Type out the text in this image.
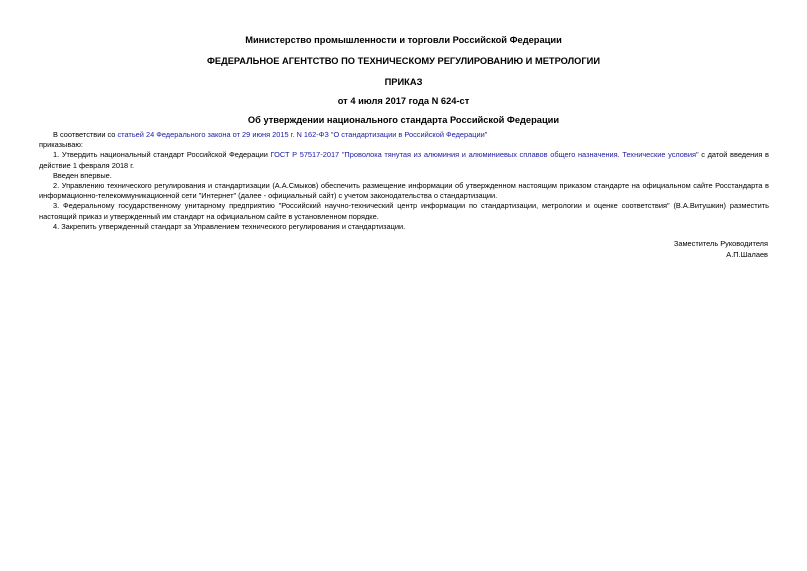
Министерство промышленности и торговли Российской Федерации
ФЕДЕРАЛЬНОЕ АГЕНТСТВО ПО ТЕХНИЧЕСКОМУ РЕГУЛИРОВАНИЮ И МЕТРОЛОГИИ
ПРИКАЗ
от 4 июля 2017 года N 624-ст
Об утверждении национального стандарта Российской Федерации

В соответствии со статьей 24 Федерального закона от 29 июня 2015 г. N 162-ФЗ "О стандартизации в Российской Федерации"

приказываю:

1. Утвердить национальный стандарт Российской Федерации ГОСТ Р 57517-2017 "Проволока тянутая из алюминия и алюминиевых сплавов общего назначения. Технические условия" с датой введения в действие 1 февраля 2018 г.

Введен впервые.

2. Управлению технического регулирования и стандартизации (А.А.Смыков) обеспечить размещение информации об утвержденном настоящим приказом стандарте на официальном сайте Росстандарта в информационно-телекоммуникационной сети "Интернет" (далее - официальный сайт) с учетом законодательства о стандартизации.

3. Федеральному государственному унитарному предприятию "Российский научно-технический центр информации по стандартизации, метрологии и оценке соответствия" (В.А.Витушкин) разместить настоящий приказ и утвержденный им стандарт на официальном сайте в установленном порядке.

4. Закрепить утвержденный стандарт за Управлением технического регулирования и стандартизации.

Заместитель Руководителя
А.П.Шалаев
